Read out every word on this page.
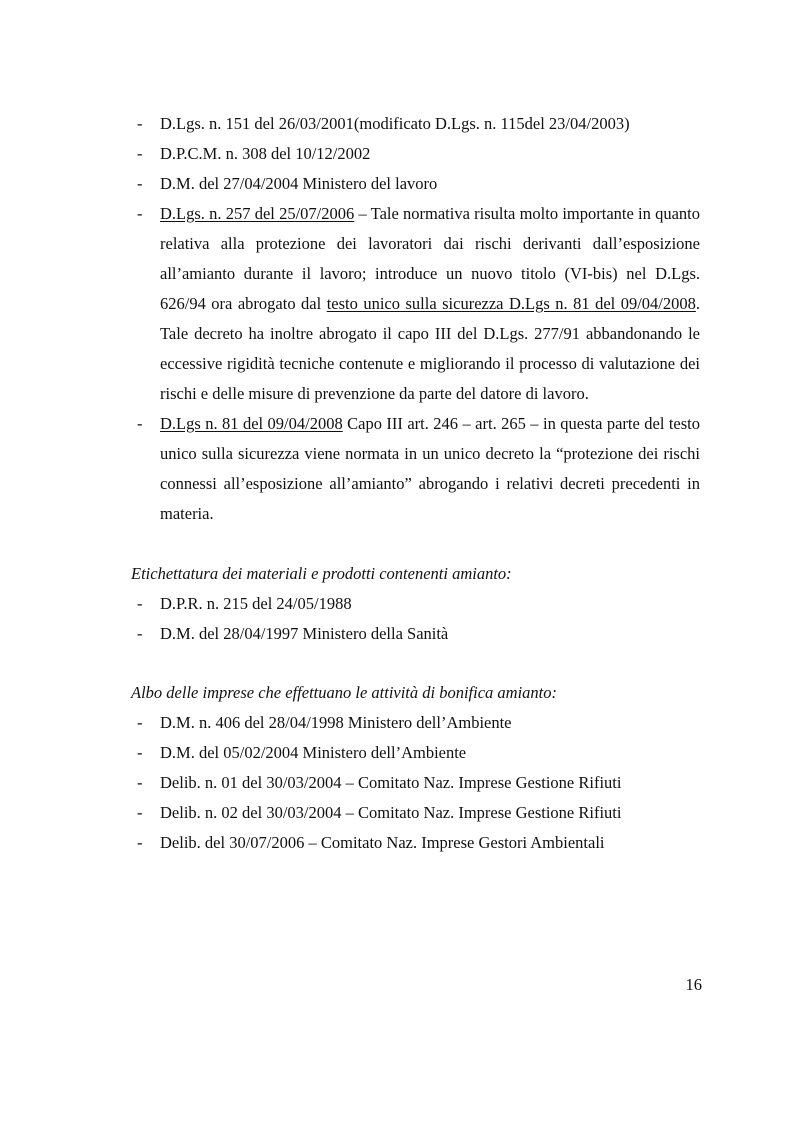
- D.Lgs. n. 151 del 26/03/2001(modificato D.Lgs. n. 115del 23/04/2003)
- D.P.C.M. n. 308 del 10/12/2002
- D.M. del 27/04/2004 Ministero del lavoro
- D.Lgs. n. 257 del 25/07/2006 – Tale normativa risulta molto importante in quanto relativa alla protezione dei lavoratori dai rischi derivanti dall’esposizione all’amianto durante il lavoro; introduce un nuovo titolo (VI-bis) nel D.Lgs. 626/94 ora abrogato dal testo unico sulla sicurezza D.Lgs n. 81 del 09/04/2008. Tale decreto ha inoltre abrogato il capo III del D.Lgs. 277/91 abbandonando le eccessive rigidità tecniche contenute e migliorando il processo di valutazione dei rischi e delle misure di prevenzione da parte del datore di lavoro.
- D.Lgs n. 81 del 09/04/2008 Capo III art. 246 – art. 265 – in questa parte del testo unico sulla sicurezza viene normata in un unico decreto la “protezione dei rischi connessi all’esposizione all’amianto” abrogando i relativi decreti precedenti in materia.

Etichettatura dei materiali e prodotti contenenti amianto:

- D.P.R. n. 215 del 24/05/1988
- D.M. del 28/04/1997 Ministero della Sanità

Albo delle imprese che effettuano le attività di bonifica amianto:

- D.M. n. 406 del 28/04/1998 Ministero dell’Ambiente
- D.M. del 05/02/2004 Ministero dell’Ambiente
- Delib. n. 01 del 30/03/2004 – Comitato Naz. Imprese Gestione Rifiuti
- Delib. n. 02 del 30/03/2004 – Comitato Naz. Imprese Gestione Rifiuti
- Delib. del 30/07/2006 – Comitato Naz. Imprese Gestori Ambientali
16
